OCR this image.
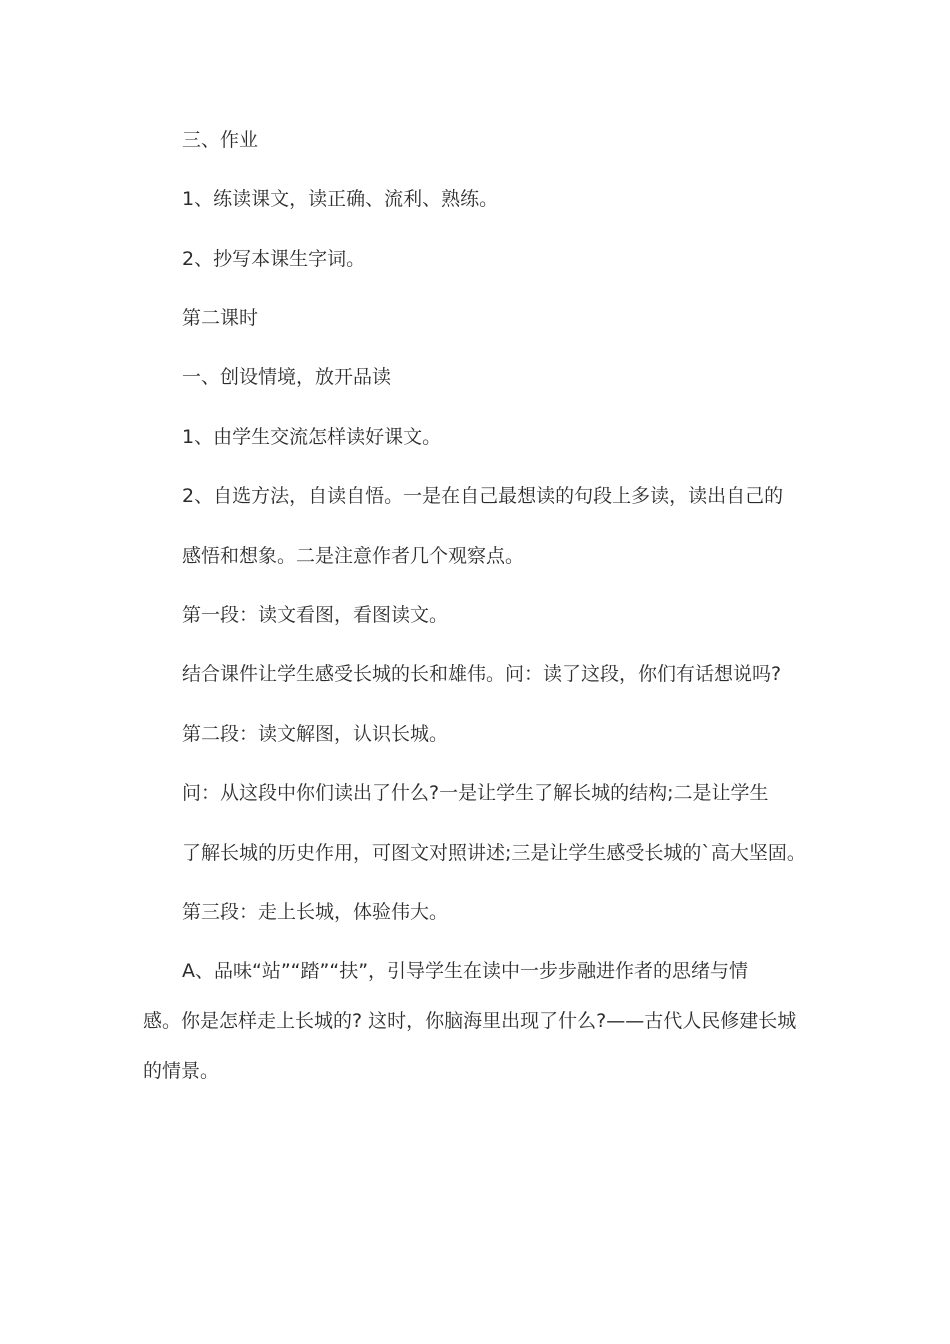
三、作业
1、练读课文，读正确、流利、熟练。
2、抄写本课生字词。
第二课时
一、创设情境，放开品读
1、由学生交流怎样读好课文。
2、自选方法，自读自悟。一是在自己最想读的句段上多读，读出自己的
感悟和想象。二是注意作者几个观察点。
第一段：读文看图，看图读文。
结合课件让学生感受长城的长和雄伟。问：读了这段，你们有话想说吗?
第二段：读文解图，认识长城。
问：从这段中你们读出了什么?一是让学生了解长城的结构;二是让学生
了解长城的历史作用，可图文对照讲述;三是让学生感受长城的`高大坚固。
第三段：走上长城，体验伟大。
A、品味“站”“踏”“扶”，引导学生在读中一步步融进作者的思绪与情
感。你是怎样走上长城的? 这时，你脑海里出现了什么?——古代人民修建长城
的情景。
